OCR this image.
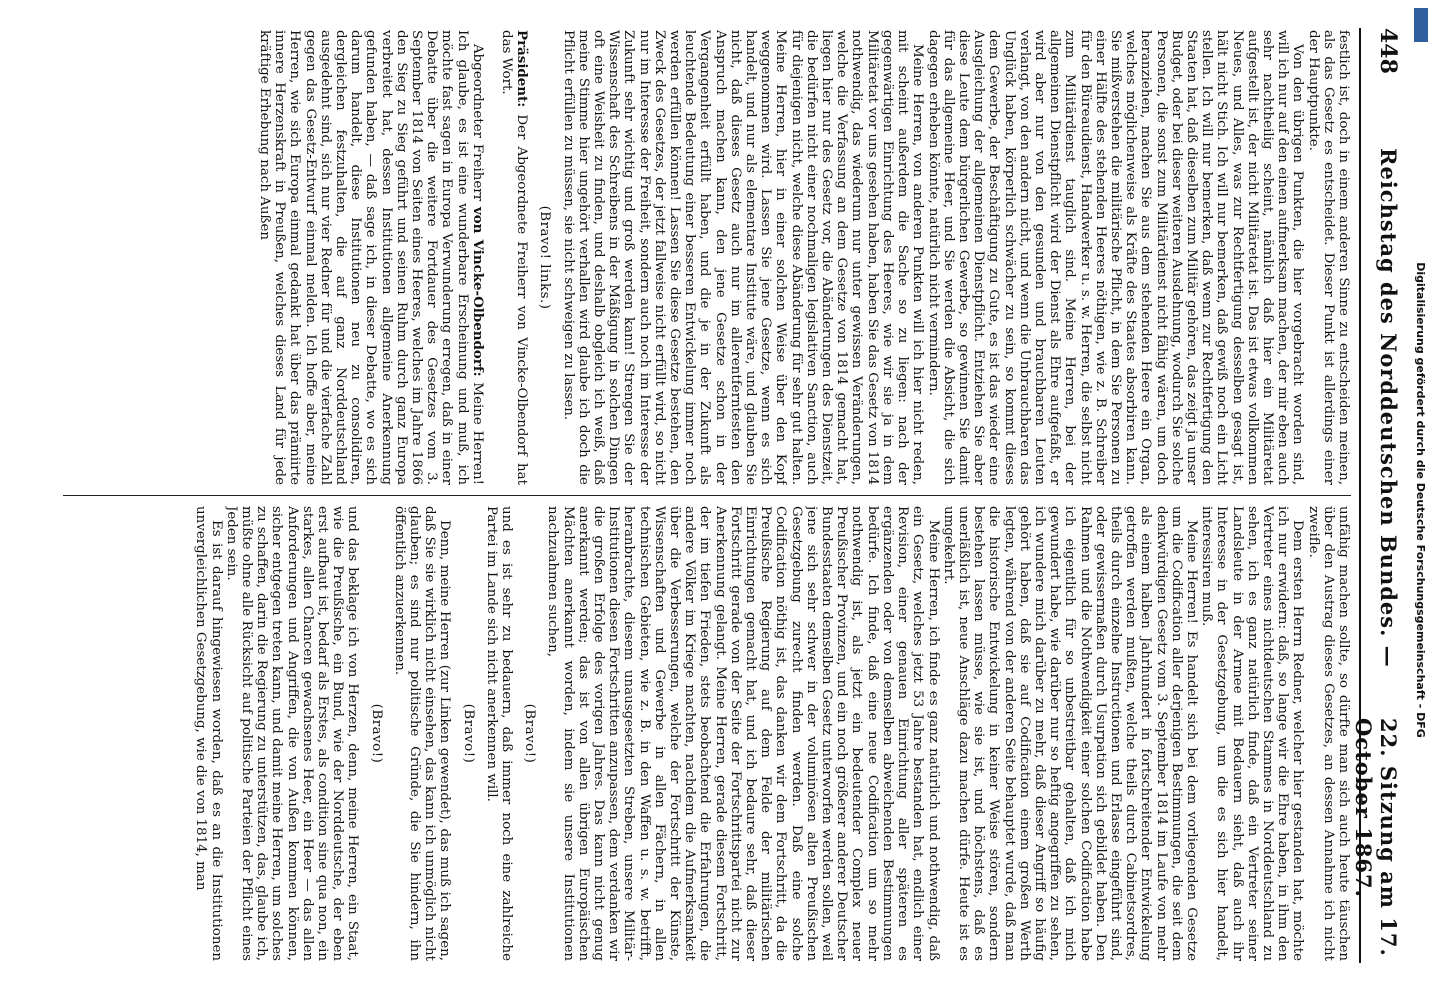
448
Reichstag des Norddeutschen Bundes. —
22. Sitzung am 17. October 1867.

festlich ist, doch in einem anderen Sinne zu entscheiden meinen, als das Gesetz es entscheidet. Dieser Punkt ist allerdings einer der Hauptpunkte.

Von den übrigen Punkten, die hier vorgebracht worden sind, will ich nur auf den einen aufmerksam machen, der mir eben auch sehr nachtheilig scheint, nämlich daß hier ein Militäretat aufgestellt ist, der nicht Militäretat ist. Das ist etwas vollkommen Neues, und Alles, was zur Rechtfertigung desselben gesagt ist, hält nicht Stich. Ich will nur bemerken, daß gewiß noch ein Licht stellen. Ich will nur bemerken, daß wenn zur Rechtfertigung den Staaten hat, daß dieselben zum Militär gehören, das zeigt ja unser Budget, oder bei dieser weiteren Ausdehnung, wodurch Sie solche Personen, die sonst zum Militärdienst nicht fähig wären, um doch heranziehen, machen Sie aus dem stehenden Heere ein Organ, welches möglichenweise als Kräfte des Staates absorbiren kann. Sie mißverstehen die militärische Pflicht, in dem Sie Personen zu einer Hälfte des stehenden Heeres nöthigen, wie z. B. Schreiber für den Büreaudienst, Handwerker u. s. w. Herren, die selbst nicht zum Militärdienst tauglich sind. Meine Herren, bei der allgemeinen Dienstpflicht wird der Dienst als Ehre aufgefaßt, er wird aber nur von den gesunden und brauchbaren Leuten verlangt, von den andern nicht, und wenn die Unbrauchbaren das Unglück haben, körperlich schwächer zu sein, so kommt dieses dem Gewerbe, der Beschäftigung zu Gute, es ist das wieder eine Ausgleichung der allgemeinen Dienstpflicht. Entziehen Sie aber diese Leute dem bürgerlichen Gewerbe, so gewinnen Sie damit für das allgemeine Heer, und Sie werden die Absicht, die sich dagegen erheben könnte, natürlich nicht vermindern.

Meine Herren, von anderen Punkten will ich hier nicht reden, mit scheint außerdem die Sache so zu liegen: nach der gegenwärtigen Einrichtung des Heeres, wie wir sie ja in dem Militäretat vor uns gesehen haben, haben Sie das Gesetz von 1814 nothwendig, das wiederum nur unter gewissen Veränderungen, welche die Verfassung an dem Gesetze von 1814 gemacht hat, liegen hier nur des Gesetz vor, die Abänderungen des Dienstzeit, die bedürfen nicht einer nochmaligen legislativen Sanction, auch für diejenigen nicht, welche diese Abänderung für sehr gut halten. Meine Herren, hier in einer solchen Weise über den Kopf weggenommen wird. Lassen Sie jene Gesetze, wenn es sich handelt, und nur als elementare Institute wäre, und glauben Sie nicht, daß dieses Gesetz auch nur im allerentferntesten den Anspruch machen kann, den jene Gesetze schon in der Vergangenheit erfüllt haben, und die je in der Zukunft als leuchtende Bedeutung einer besseren Entwickelung immer noch werden erfüllen können! Lassen Sie diese Gesetze bestehen, den Zweck des Gesetzes, der jetzt fallweise nicht erfüllt wird, so nicht nur im Interesse der Freiheit, sondern auch noch im Interesse der Zukunft sehr wichtig und groß werden kann! Strengen Sie der Wissenschaft des Schreibens in der Mäßigung in solchen Dingen oft eine Weisheit zu finden, und deshalb obgleich ich weiß, daß meine Stimme hier ungehört verhallen wird glaube ich doch die Pflicht erfüllen zu müssen, sie nicht schweigen zu lassen.

(Bravo! links.)

Präsident: Der Abgeordnete Freiherr von Vincke-Olbendorf hat das Wort.

Abgeordneter Freiherr von Vincke-Olbendorf: Meine Herren! Ich glaube, es ist eine wunderbare Erscheinung und muß, ich möchte fast sagen in Europa Verwunderung erregen, daß in einer Debatte über die weitere Fortdauer des Gesetzes vom 3. September 1814 von Seiten eines Heeres, welches im Jahre 1866 den Sieg zu Sieg geführt und seinen Ruhm durch ganz Europa verbreitet hat, dessen Institutionen allgemeine Anerkennung gefunden haben, — daß sage ich, in dieser Debatte, wo es sich darum handelt, diese Institutionen neu zu consolidiren, dergleichen festzuhalten, die auf ganz Norddeutschland ausgedehnt sind, sich nur vier Redner für und die vierfache Zahl gegen das Gesetz-Entwurf einmal melden. Ich hoffe aber, meine Herren, wie sich Europa einmal gedankt hat über das prämiirte innere Herzenskraft in Preußen, welches dieses Land für jede kräftige Erhebung nach Außen

unfähig machen sollte, so dürfte man sich auch heute täuschen über den Austrag dieses Gesetzes, an dessen Annahme ich nicht zweifle.

Dem ersten Herrn Redner, welcher hier gestanden hat, möchte ich nur erwidern: daß, so lange wir die Ehre haben, in ihm den Vertreter eines nichtdeutschen Stammes in Norddeutschland zu sehen, ich es ganz natürlich finde, daß ein Vertreter seiner Landsleute in der Armee mit Bedauern sieht, daß auch ihr Interesse in der Gesetzgebung, um die es sich hier handelt, interessiren muß.

Meine Herren! Es handelt sich bei dem vorliegenden Gesetze um die Codification aller derjenigen Bestimmungen, die seit dem denkwürdigen Gesetz vom 3. September 1814 im Laufe von mehr als einem halben Jahrhundert in fortschreitender Entwickelung getroffen werden mußten, welche theils durch Cabinetsordres, theils durch einzelne Instructionen und Erlasse eingeführt sind, oder gewissermaßen durch Usurpation sich gebildet haben. Den Rahmen und die Nothwendigkeit einer solchen Codification habe ich eigentlich für so unbestreitbar gehalten, daß ich mich gewundert habe, wie darüber nur so heftig angegriffen zu sehen, ich wundere mich darüber zu mehr, daß dieser Angriff so häufig gehört haben, daß sie auf Codification einem großen Werth legten, während von der anderen Seite behauptet wurde, daß man die historische Entwickelung in keiner Weise stören, sondern bestehen lassen müsse, wie sie ist, und höchstens, daß es unerläßlich ist, neue Anschläge dazu machen dürfe. Heute ist es umgekehrt.

Meine Herren, ich finde es ganz natürlich und nothwendig, daß ein Gesetz, welches jetzt 53 Jahre bestanden hat, endlich einer Revision, einer genauen Einrichtung aller späteren es ergänzenden oder von demselben abweichenden Bestimmungen bedürfe. Ich finde, daß eine neue Codification um so mehr nothwendig ist, als jetzt ein bedeutender Complex neuer Preußischer Provinzen, und ein noch größerer anderer Deutscher Bundesstaaten demselben Gesetz unterworfen werden sollen, weil jene sich sehr schwer in der voluminösen alten Preußischen Gesetzgebung zurecht finden werden. Daß eine solche Codification nöthig ist, das danken wir dem Fortschritt, da die Preußische Regierung auf dem Felde der militärischen Einrichtungen gemacht hat, und ich bedaure sehr, daß dieser Fortschritt gerade von der Seite der Fortschrittspartei nicht zur Anerkennung gelangt. Meine Herren, gerade diesem Fortschritt, der im tiefen Frieden, stets beobachtend die Erfahrungen, die andere Völker im Kriege machten, nachdem die Aufmerksamkeit über die Verbesserungen, welche der Fortschritt der Künste, Wissenschaften und Gewerbe in allen Fächern, in allen technischen Gebieten, wie z. B. in den Waffen u. s. w. betrifft, heranbrachte, diesem unausgesetzten Streben, unsere Militär-Institutionen diesen Fortschritten anzupassen, dem verdanken wir die großen Erfolge des vorigen Jahres. Das kann nicht genug anerkannt werden; das ist von allen übrigen Europäischen Mächten anerkannt worden, indem sie unsere Institutionen nachzuahmen suchen,

(Bravo!)

und es ist sehr zu bedauern, daß immer noch eine zahlreiche Partei im Lande sich nicht anerkennen will.

(Bravo!)

Denn, meine Herren (zur Linken gewendet), das muß ich sagen, daß Sie sie wirklich nicht einsehen, das kann ich unmöglich nicht glauben; es sind nur politische Gründe, die Sie hindern, ihn öffentlich anzuerkennen.

(Bravo!)

und das beklage ich von Herzen, denn, meine Herren, ein Staat, wie die Preußische, ein Bund, wie der Norddeutsche, der eben erst aufbaut ist, bedarf als Erstes, als condition sine qua non, ein starkes, allen Chancen gewachsenes Heer, ein Heer — das allen Anforderungen und Angriffen, die von Außen kommen können, sicher entgegen treten kann, und damit meine Herren, um solches zu schaffen, darin die Regierung zu unterstützen, das, glaube ich, müßte ohne alle Rücksicht auf politische Parteien der Pflicht eines Jeden sein.

Es ist darauf hingewiesen worden, daß es an die Institutionen unvergleichlichen Gesetzgebung, wie die von 1814, man	Digitalisierung gefördert durch die Deutsche Forschungsgemeinschaft - DFG
